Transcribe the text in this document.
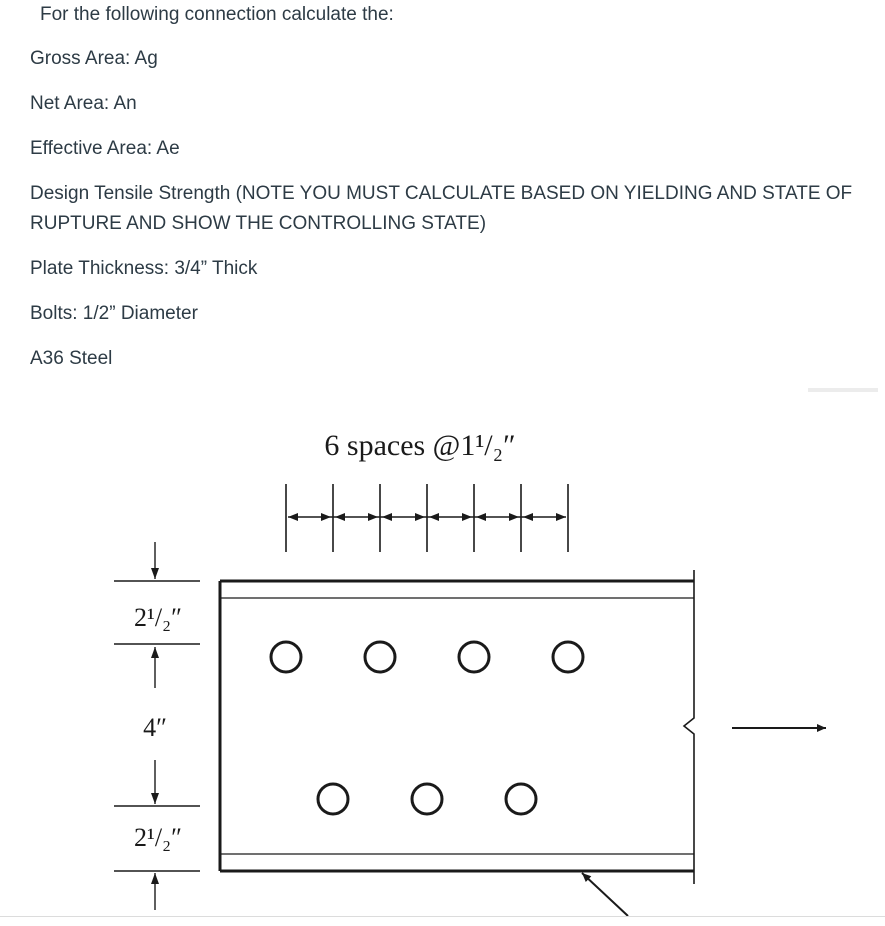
For the following connection calculate the:
Gross Area: Ag
Net Area: An
Effective Area: Ae
Design Tensile Strength (NOTE YOU MUST CALCULATE BASED ON YIELDING AND STATE OF
RUPTURE AND SHOW THE CONTROLLING STATE)
Plate Thickness: 3/4” Thick
Bolts: 1/2” Diameter
A36 Steel
6 spaces @1¹/₂″
2¹/₂″
4″
2¹/₂″
